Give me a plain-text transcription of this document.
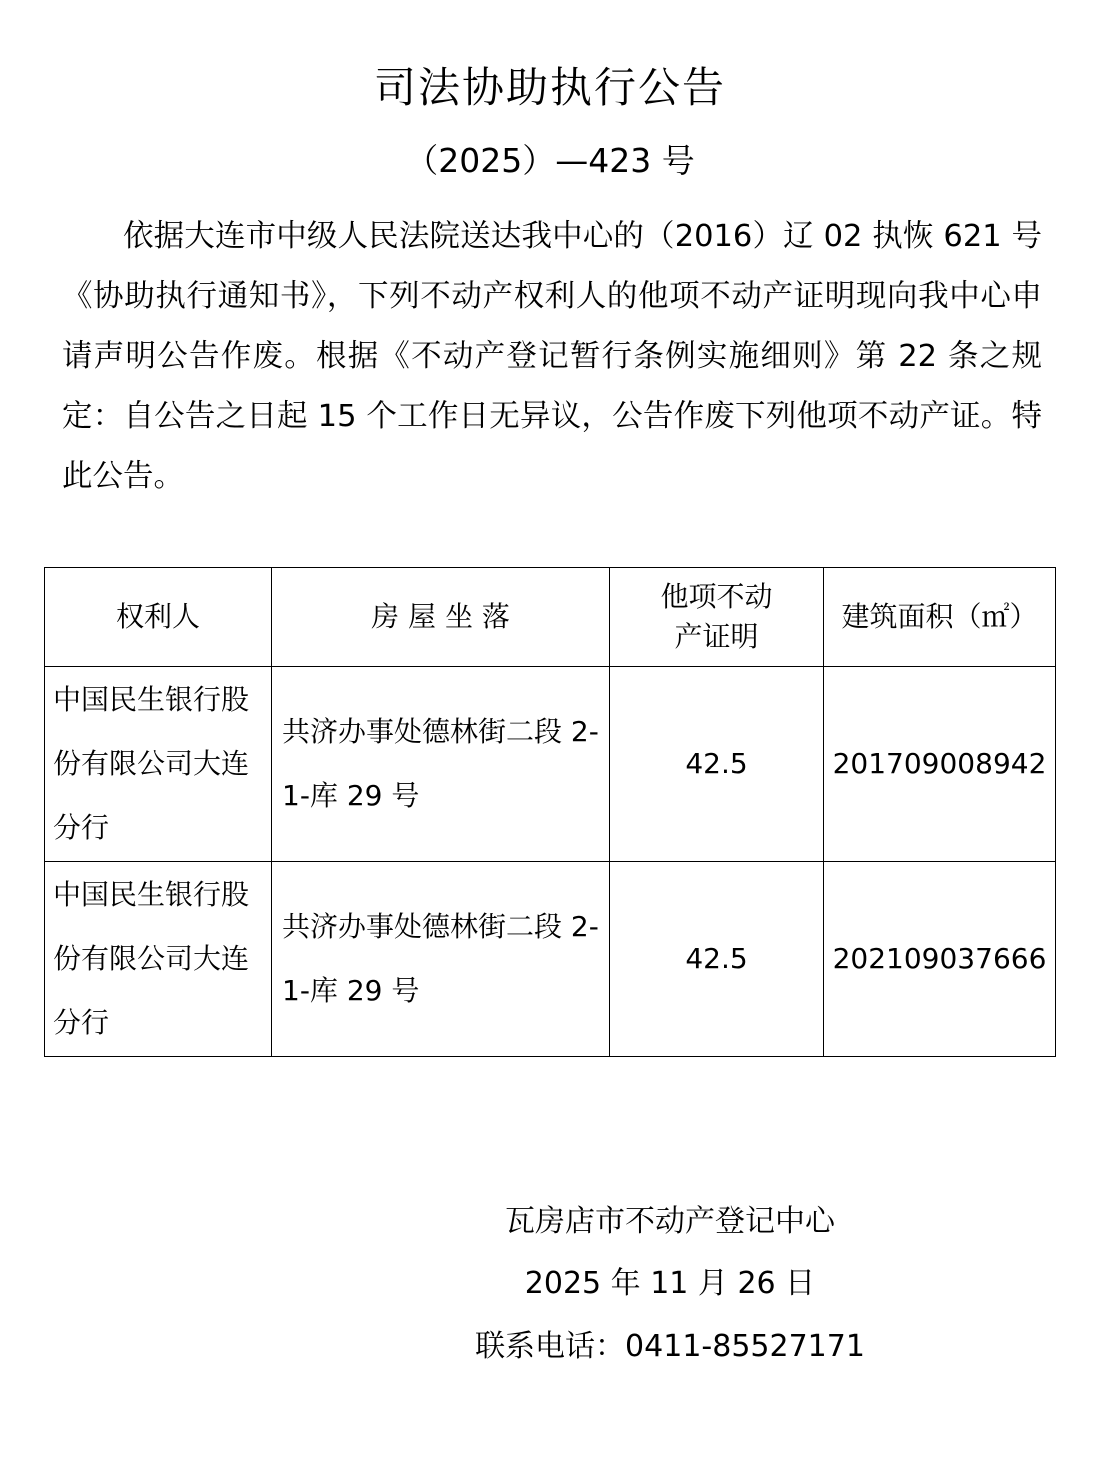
司法协助执行公告
（2025）—423 号

依据大连市中级人民法院送达我中心的（2016）辽 02 执恢 621 号《协助执行通知书》，下列不动产权利人的他项不动产证明现向我中心申请声明公告作废。根据《不动产登记暂行条例实施细则》第 22 条之规定：自公告之日起 15 个工作日无异议，公告作废下列他项不动产证。特此公告。

权利人	房 屋 坐 落	他项不动产证明	建筑面积（㎡）
中国民生银行股份有限公司大连分行	共济办事处德林街二段 2-1-库 29 号	42.5	201709008942
中国民生银行股份有限公司大连分行	共济办事处德林街二段 2-1-库 29 号	42.5	202109037666
瓦房店市不动产登记中心
2025 年 11 月 26 日
联系电话：0411-85527171
